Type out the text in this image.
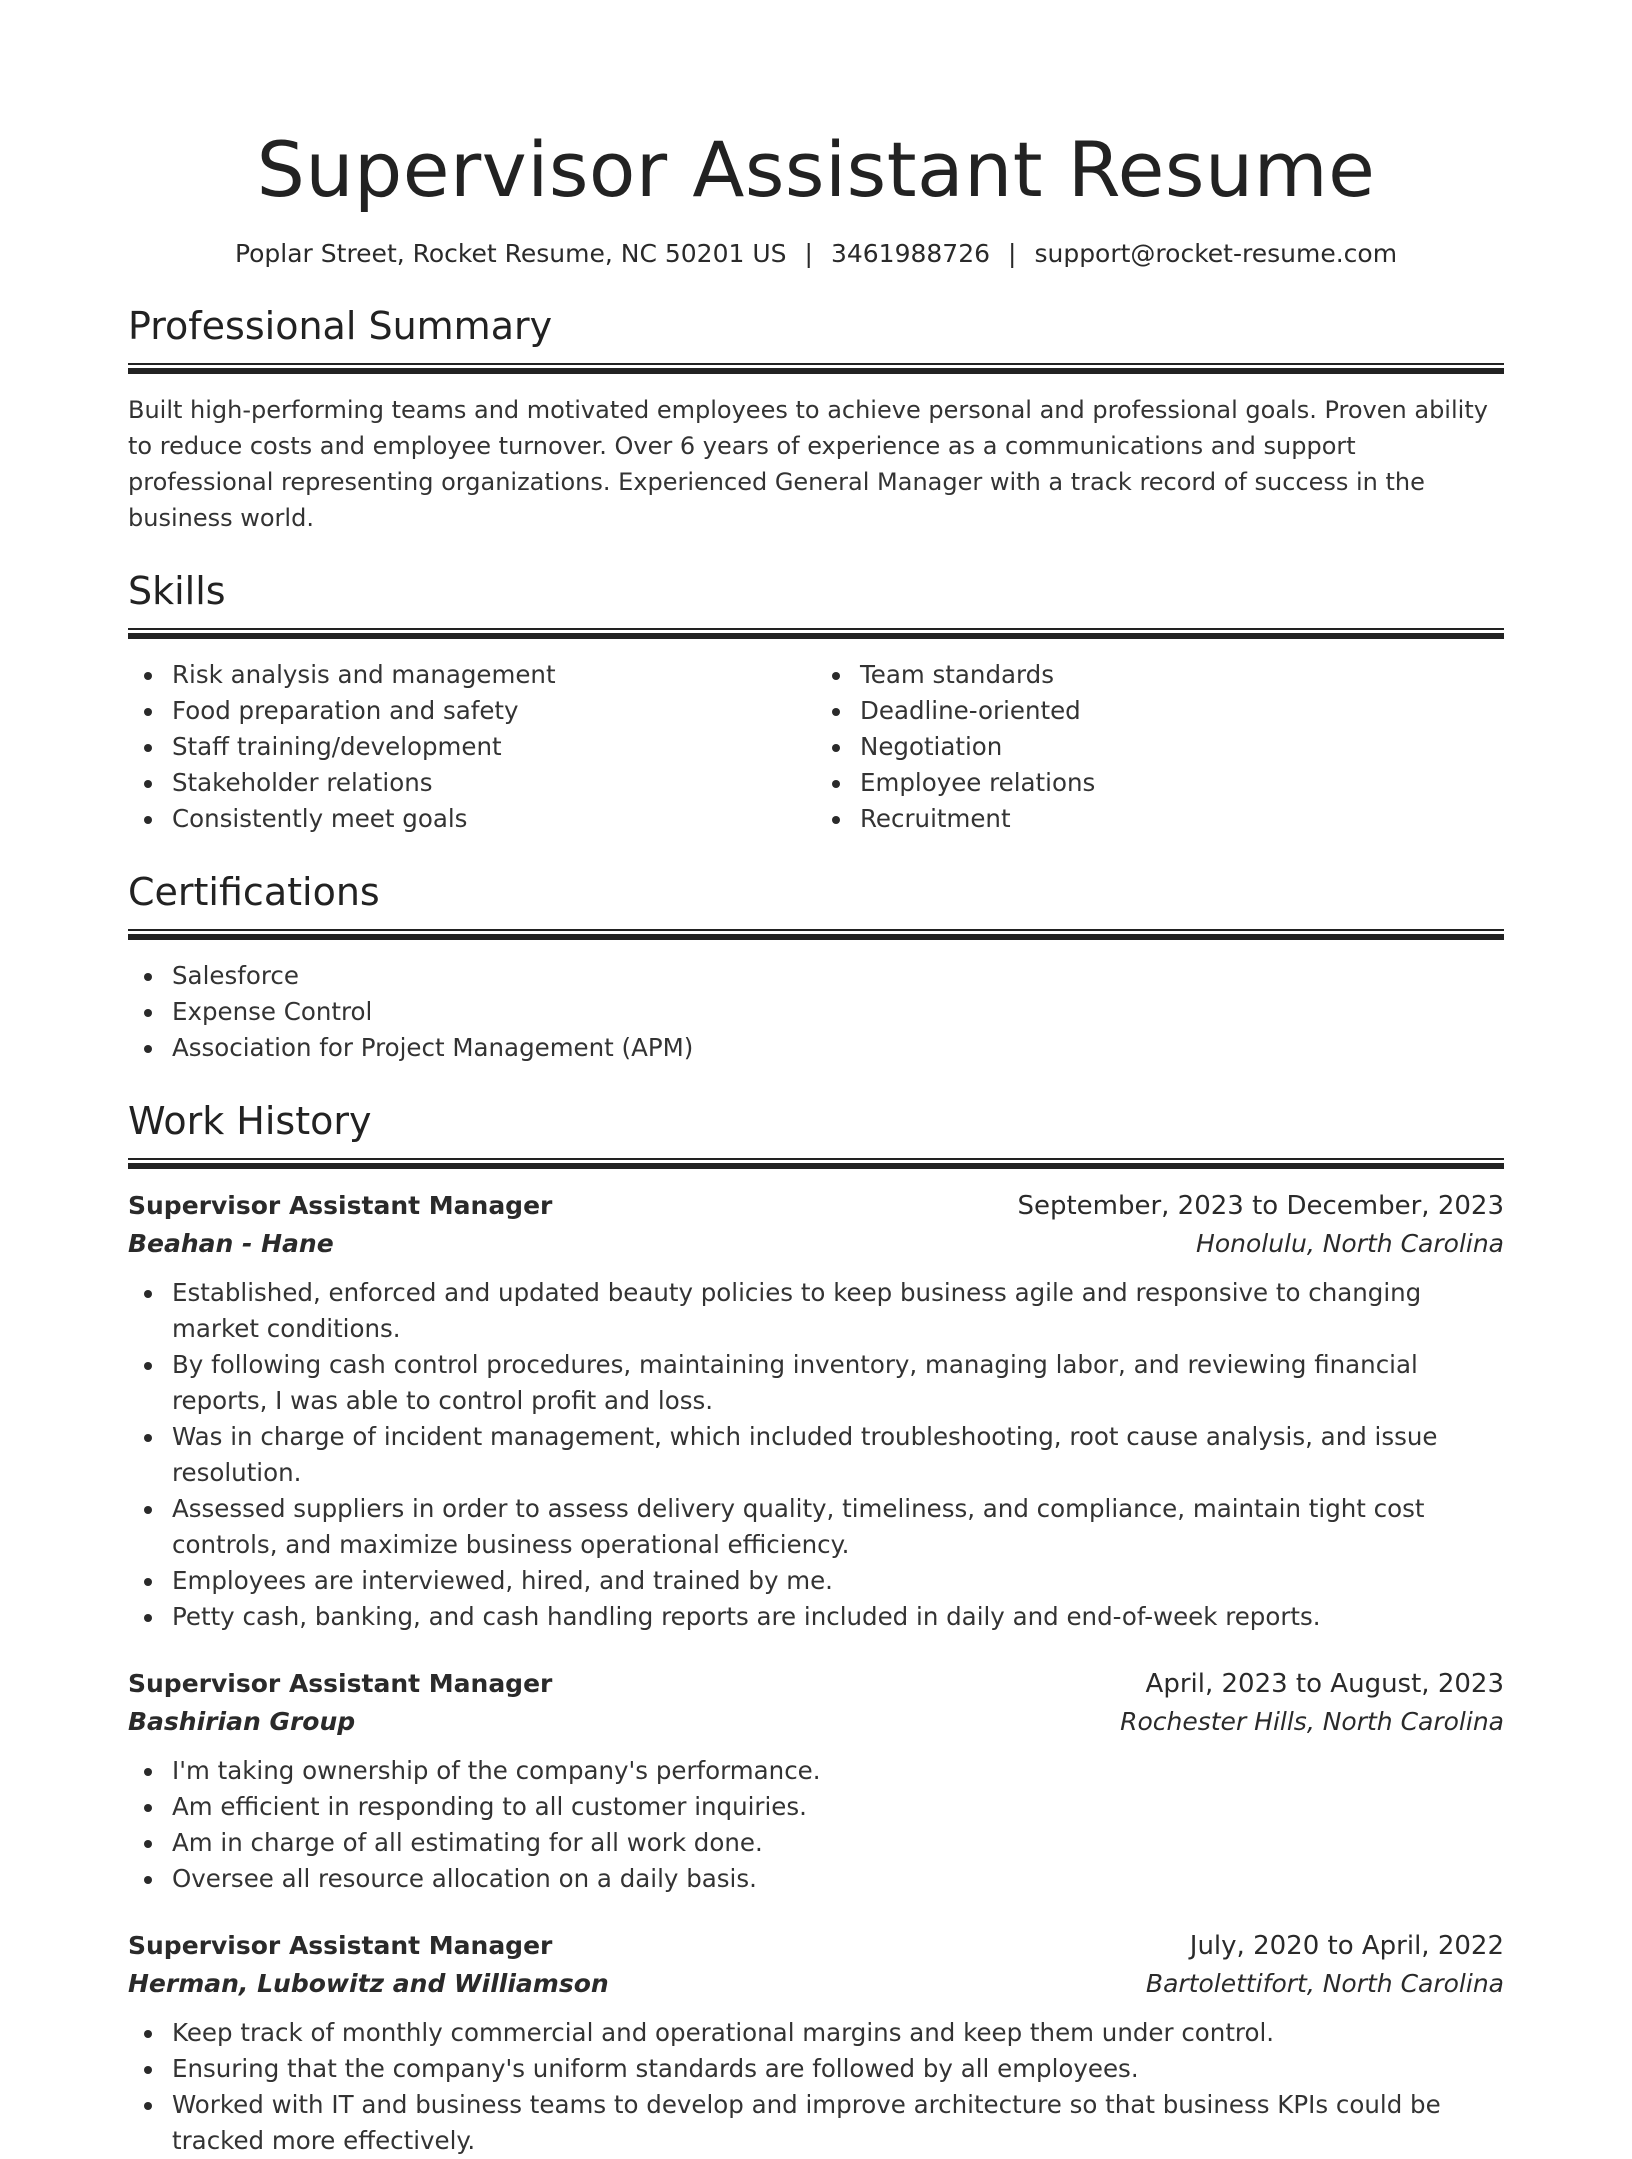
Supervisor Assistant Resume
Poplar Street, Rocket Resume, NC 50201 US | 3461988726 | support@rocket-resume.com
Professional Summary

Built high-performing teams and motivated employees to achieve personal and professional goals. Proven ability to reduce costs and employee turnover. Over 6 years of experience as a communications and support professional representing organizations. Experienced General Manager with a track record of success in the business world.

Skills
Risk analysis and management
Food preparation and safety
Staff training/development
Stakeholder relations
Consistently meet goals
Team standards
Deadline-oriented
Negotiation
Employee relations
Recruitment
Certifications
Salesforce
Expense Control
Association for Project Management (APM)
Work History
Supervisor Assistant Manager	September, 2023 to December, 2023
Beahan - Hane	Honolulu, North Carolina
Established, enforced and updated beauty policies to keep business agile and responsive to changing market conditions.
By following cash control procedures, maintaining inventory, managing labor, and reviewing financial reports, I was able to control profit and loss.
Was in charge of incident management, which included troubleshooting, root cause analysis, and issue resolution.
Assessed suppliers in order to assess delivery quality, timeliness, and compliance, maintain tight cost controls, and maximize business operational efficiency.
Employees are interviewed, hired, and trained by me.
Petty cash, banking, and cash handling reports are included in daily and end-of-week reports.
Supervisor Assistant Manager	April, 2023 to August, 2023
Bashirian Group	Rochester Hills, North Carolina
I'm taking ownership of the company's performance.
Am efficient in responding to all customer inquiries.
Am in charge of all estimating for all work done.
Oversee all resource allocation on a daily basis.
Supervisor Assistant Manager	July, 2020 to April, 2022
Herman, Lubowitz and Williamson	Bartolettifort, North Carolina
Keep track of monthly commercial and operational margins and keep them under control.
Ensuring that the company's uniform standards are followed by all employees.
Worked with IT and business teams to develop and improve architecture so that business KPIs could be tracked more effectively.
